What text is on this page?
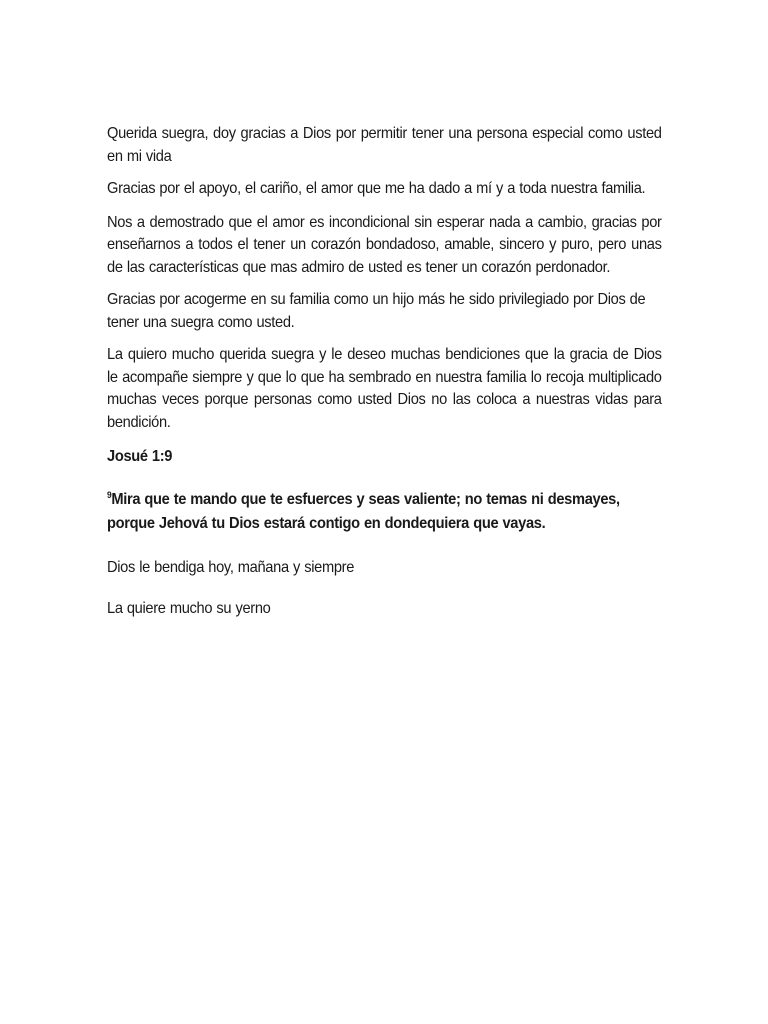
Querida suegra, doy gracias a Dios por permitir tener una persona especial como usted en mi vida

Gracias por el apoyo, el cariño, el amor que me ha dado a mí y a toda nuestra familia.

Nos a demostrado que el amor es incondicional sin esperar nada a cambio, gracias por enseñarnos a todos el tener un corazón bondadoso, amable, sincero y puro, pero unas de las características que mas admiro de usted es tener un corazón perdonador.

Gracias por acogerme en su familia como un hijo más he sido privilegiado por Dios de tener una suegra como usted.

La quiero mucho querida suegra y le deseo muchas bendiciones que la gracia de Dios le acompañe siempre y que lo que ha sembrado en nuestra familia lo recoja multiplicado muchas veces porque personas como usted Dios no las coloca a nuestras vidas para bendición.

Josué 1:9

$^9$Mira que te mando que te esfuerces y seas valiente; no temas ni desmayes, porque Jehová tu Dios estará contigo en dondequiera que vayas.

Dios le bendiga hoy, mañana y siempre

La quiere mucho su yerno
